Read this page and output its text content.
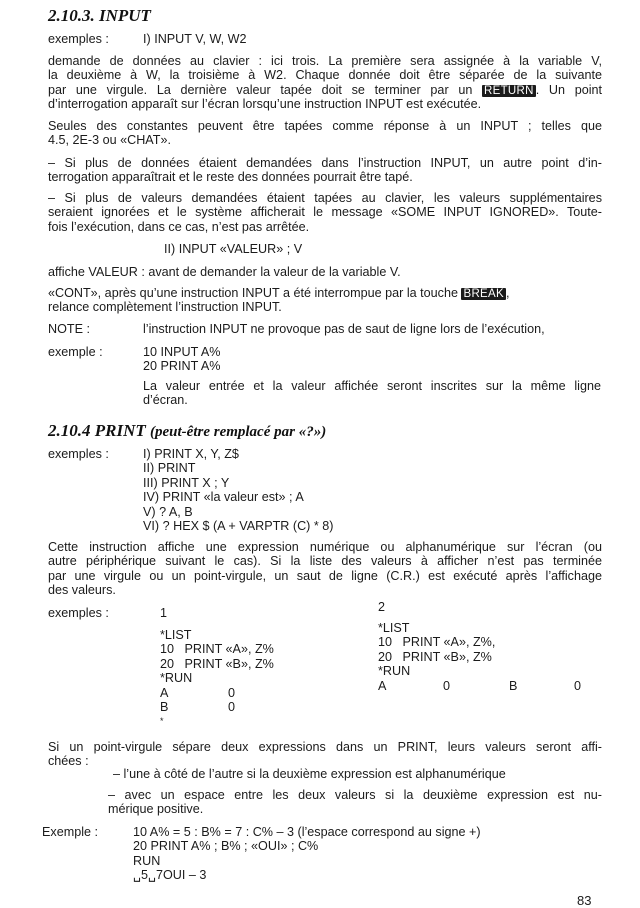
2.10.3. INPUT
exemples :	I) INPUT V, W, W2
demande de données au clavier : ici trois. La première sera assignée à la variable V,
la deuxième à W, la troisième à W2. Chaque donnée doit être séparée de la suivante
par une virgule. La dernière valeur tapée doit se terminer par un RETURN . Un point
d’interrogation apparaît sur l’écran lorsqu’une instruction INPUT est exécutée.
Seules des constantes peuvent être tapées comme réponse à un INPUT ; telles que
4.5, 2E-3 ou «CHAT».
– Si plus de données étaient demandées dans l’instruction INPUT, un autre point d’in-
terrogation apparaîtrait et le reste des données pourrait être tapé.
– Si plus de valeurs demandées étaient tapées au clavier, les valeurs supplémentaires
seraient ignorées et le système afficherait le message «SOME INPUT IGNORED». Toute-
fois l’exécution, dans ce cas, n’est pas arrêtée.
II) INPUT «VALEUR» ; V
affiche VALEUR : avant de demander la valeur de la variable V.
«CONT», après qu’une instruction INPUT a été interrompue par la touche BREAK ,
relance complètement l’instruction INPUT.
NOTE :	l’instruction INPUT ne provoque pas de saut de ligne lors de l’exécution,
exemple :	10 INPUT A%
20 PRINT A%
La valeur entrée et la valeur affichée seront inscrites sur la même ligne
d’écran.
2.10.4 PRINT (peut-être remplacé par «?»)
exemples :	I) PRINT X, Y, Z$
II) PRINT
III) PRINT X ; Y
IV) PRINT «la valeur est» ; A
V) ? A, B
VI) ? HEX $ (A + VARPTR (C) * 8)
Cette instruction affiche une expression numérique ou alphanumérique sur l’écran (ou
autre périphérique suivant le cas). Si la liste des valeurs à afficher n’est pas terminée
par une virgule ou un point-virgule, un saut de ligne (C.R.) est exécuté après l’affichage
des valeurs.
exemples :	1
*LIST
10   PRINT «A», Z%
20   PRINT «B», Z%
*RUN
A	0
B	0
*
2
*LIST
10   PRINT «A», Z%,
20   PRINT «B», Z%
*RUN
A	0	B	0
Si un point-virgule sépare deux expressions dans un PRINT, leurs valeurs seront affi-
chées :
– l’une à côté de l’autre si la deuxième expression est alphanumérique
– avec un espace entre les deux valeurs si la deuxième expression est nu-
mérique positive.
Exemple :	10 A% = 5 : B% = 7 : C% – 3 (l’espace correspond au signe +)
20 PRINT A% ; B% ; «OUI» ; C%
RUN
␣5␣7OUI – 3
83
